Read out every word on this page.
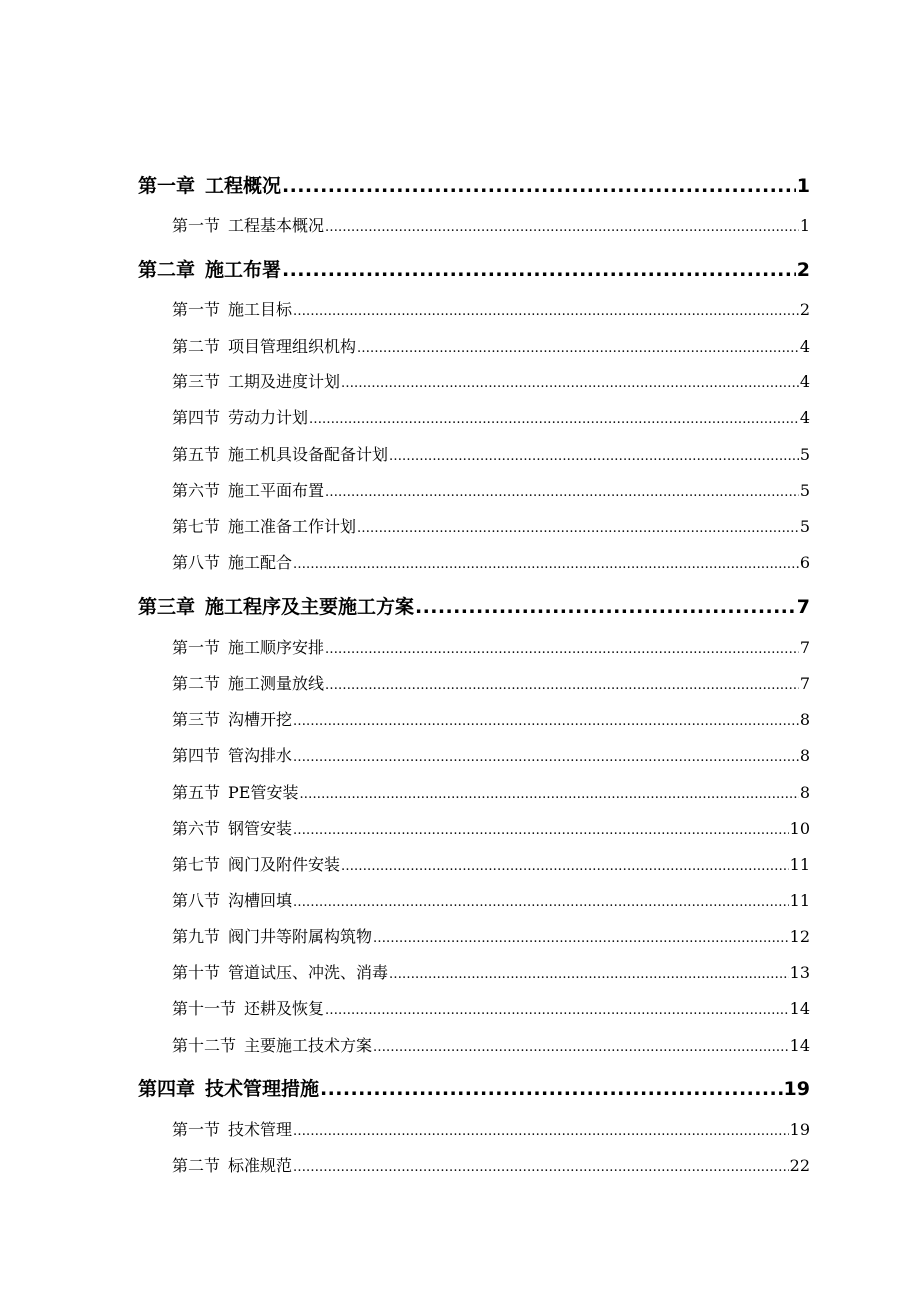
第一章 工程概况 .....	1
第一节 工程基本概况 .....	1
第二章 施工布署 .....	2
第一节 施工目标 .....	2
第二节 项目管理组织机构 .....	4
第三节 工期及进度计划 .....	4
第四节 劳动力计划 .....	4
第五节 施工机具设备配备计划 .....	5
第六节 施工平面布置 .....	5
第七节 施工准备工作计划 .....	5
第八节 施工配合 .....	6
第三章 施工程序及主要施工方案 .....	7
第一节 施工顺序安排 .....	7
第二节 施工测量放线 .....	7
第三节 沟槽开挖 .....	8
第四节 管沟排水 .....	8
第五节 PE管安装 .....	8
第六节 钢管安装 .....	10
第七节 阀门及附件安装 .....	11
第八节 沟槽回填 .....	11
第九节 阀门井等附属构筑物 .....	12
第十节 管道试压、冲洗、消毒 .....	13
第十一节 还耕及恢复 .....	14
第十二节 主要施工技术方案 .....	14
第四章 技术管理措施 .....	19
第一节 技术管理 .....	19
第二节 标准规范 .....	22
